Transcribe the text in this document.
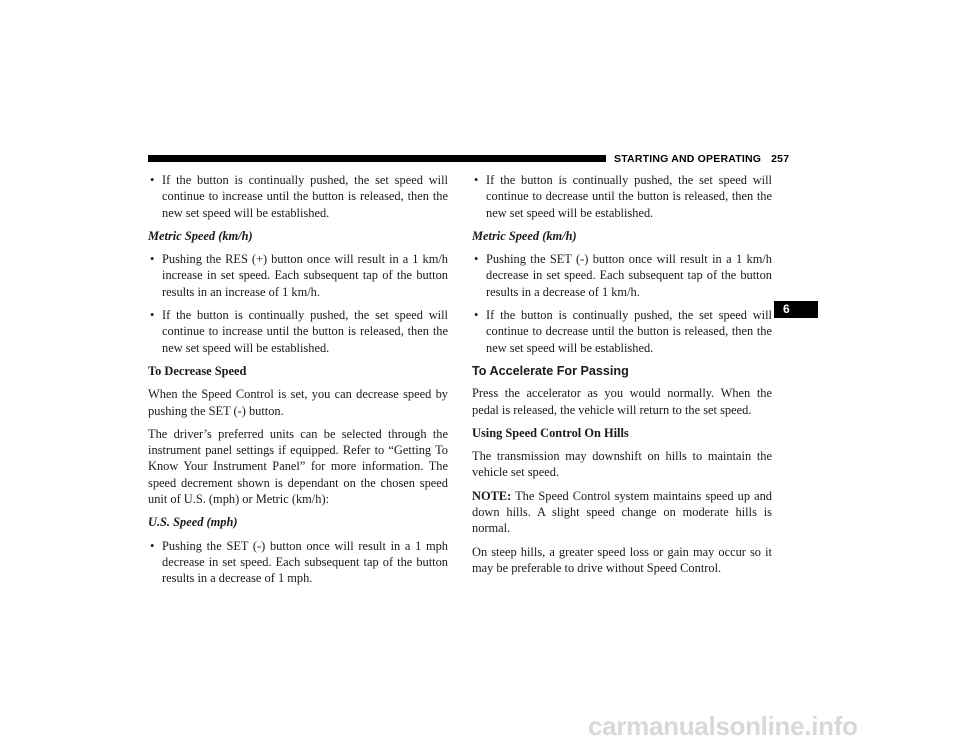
STARTING AND OPERATING 257
6
• If the button is continually pushed, the set speed will continue to increase until the button is released, then the new set speed will be established.
Metric Speed (km/h)
• Pushing the RES (+) button once will result in a 1 km/h increase in set speed. Each subsequent tap of the button results in an increase of 1 km/h.
• If the button is continually pushed, the set speed will continue to increase until the button is released, then the new set speed will be established.
To Decrease Speed

When the Speed Control is set, you can decrease speed by pushing the SET (-) button.

The driver’s preferred units can be selected through the instrument panel settings if equipped. Refer to “Getting To Know Your Instrument Panel” for more information. The speed decrement shown is dependant on the chosen speed unit of U.S. (mph) or Metric (km/h):

U.S. Speed (mph)
• Pushing the SET (-) button once will result in a 1 mph decrease in set speed. Each subsequent tap of the button results in a decrease of 1 mph.
• If the button is continually pushed, the set speed will continue to decrease until the button is released, then the new set speed will be established.
Metric Speed (km/h)
• Pushing the SET (-) button once will result in a 1 km/h decrease in set speed. Each subsequent tap of the button results in a decrease of 1 km/h.
• If the button is continually pushed, the set speed will continue to decrease until the button is released, then the new set speed will be established.
To Accelerate For Passing

Press the accelerator as you would normally. When the pedal is released, the vehicle will return to the set speed.

Using Speed Control On Hills

The transmission may downshift on hills to maintain the vehicle set speed.

NOTE: The Speed Control system maintains speed up and down hills. A slight speed change on moderate hills is normal.

On steep hills, a greater speed loss or gain may occur so it may be preferable to drive without Speed Control.

carmanualsonline.info
